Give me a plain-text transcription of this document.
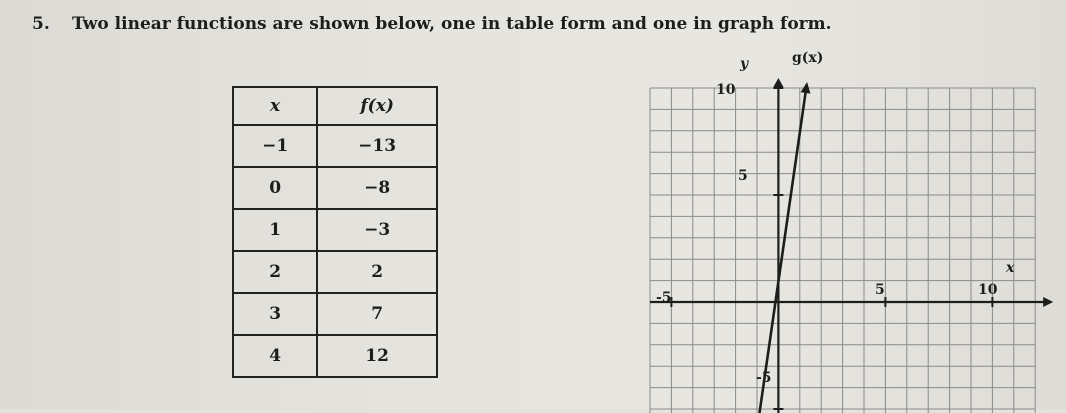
5. Two linear functions are shown below, one in table form and one in graph form.
x	f(x)
−1	−13
0	−8
1	−3
2	2
3	7
4	12
g(x)
y
x
10
5
-5	5	10
-5
